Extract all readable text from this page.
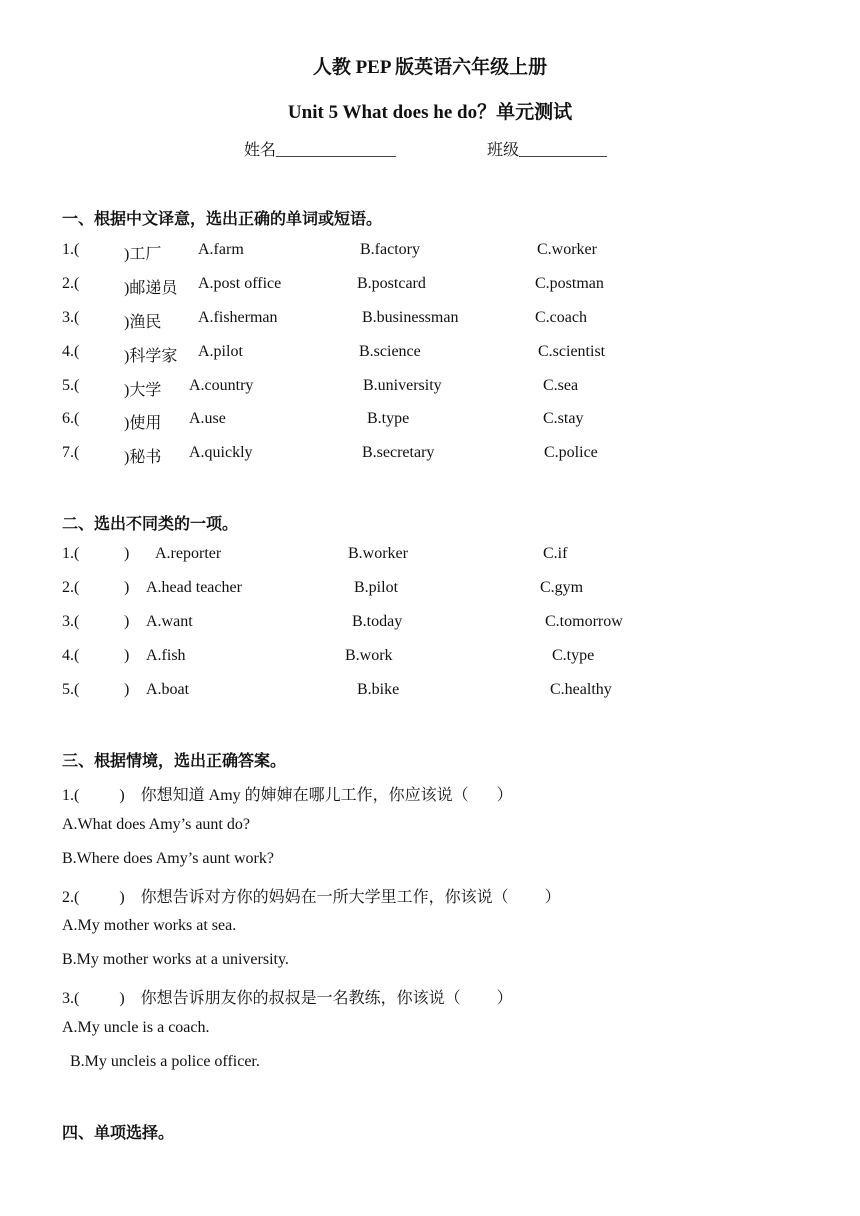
人教 PEP 版英语六年级上册
Unit 5 What does he do？单元测试
姓名_______________	班级___________
一、根据中文译意，选出正确的单词或短语。
1.(	)工厂 A.farm	B.factory	C.worker
2.(	)邮递员 A.post office	B.postcard	C.postman
3.(	)渔民 A.fisherman	B.businessman	C.coach
4.(	)科学家 A.pilot	B.science	C.scientist
5.(	)大学 A.country	B.university	C.sea
6.(	)使用 A.use	B.type	C.stay
7.(	)秘书 A.quickly	B.secretary	C.police
二、选出不同类的一项。
1.(	) A.reporter	B.worker	C.if
2.(	) A.head teacher	B.pilot	C.gym
3.(	) A.want	B.today	C.tomorrow
4.(	) A.fish	B.work	C.type
5.(	) A.boat	B.bike	C.healthy
三、根据情境，选出正确答案。
1.(          )    你想知道 Amy 的婶婶在哪儿工作，你应该说（       ）
A.What does Amy’s aunt do?
B.Where does Amy’s aunt work?
2.(          )    你想告诉对方你的妈妈在一所大学里工作，你该说（         ）
A.My mother works at sea.
B.My mother works at a university.
3.(          )    你想告诉朋友你的叔叔是一名教练，你该说（         ）
A.My uncle is a coach.
B.My uncleis a police officer.
四、单项选择。
